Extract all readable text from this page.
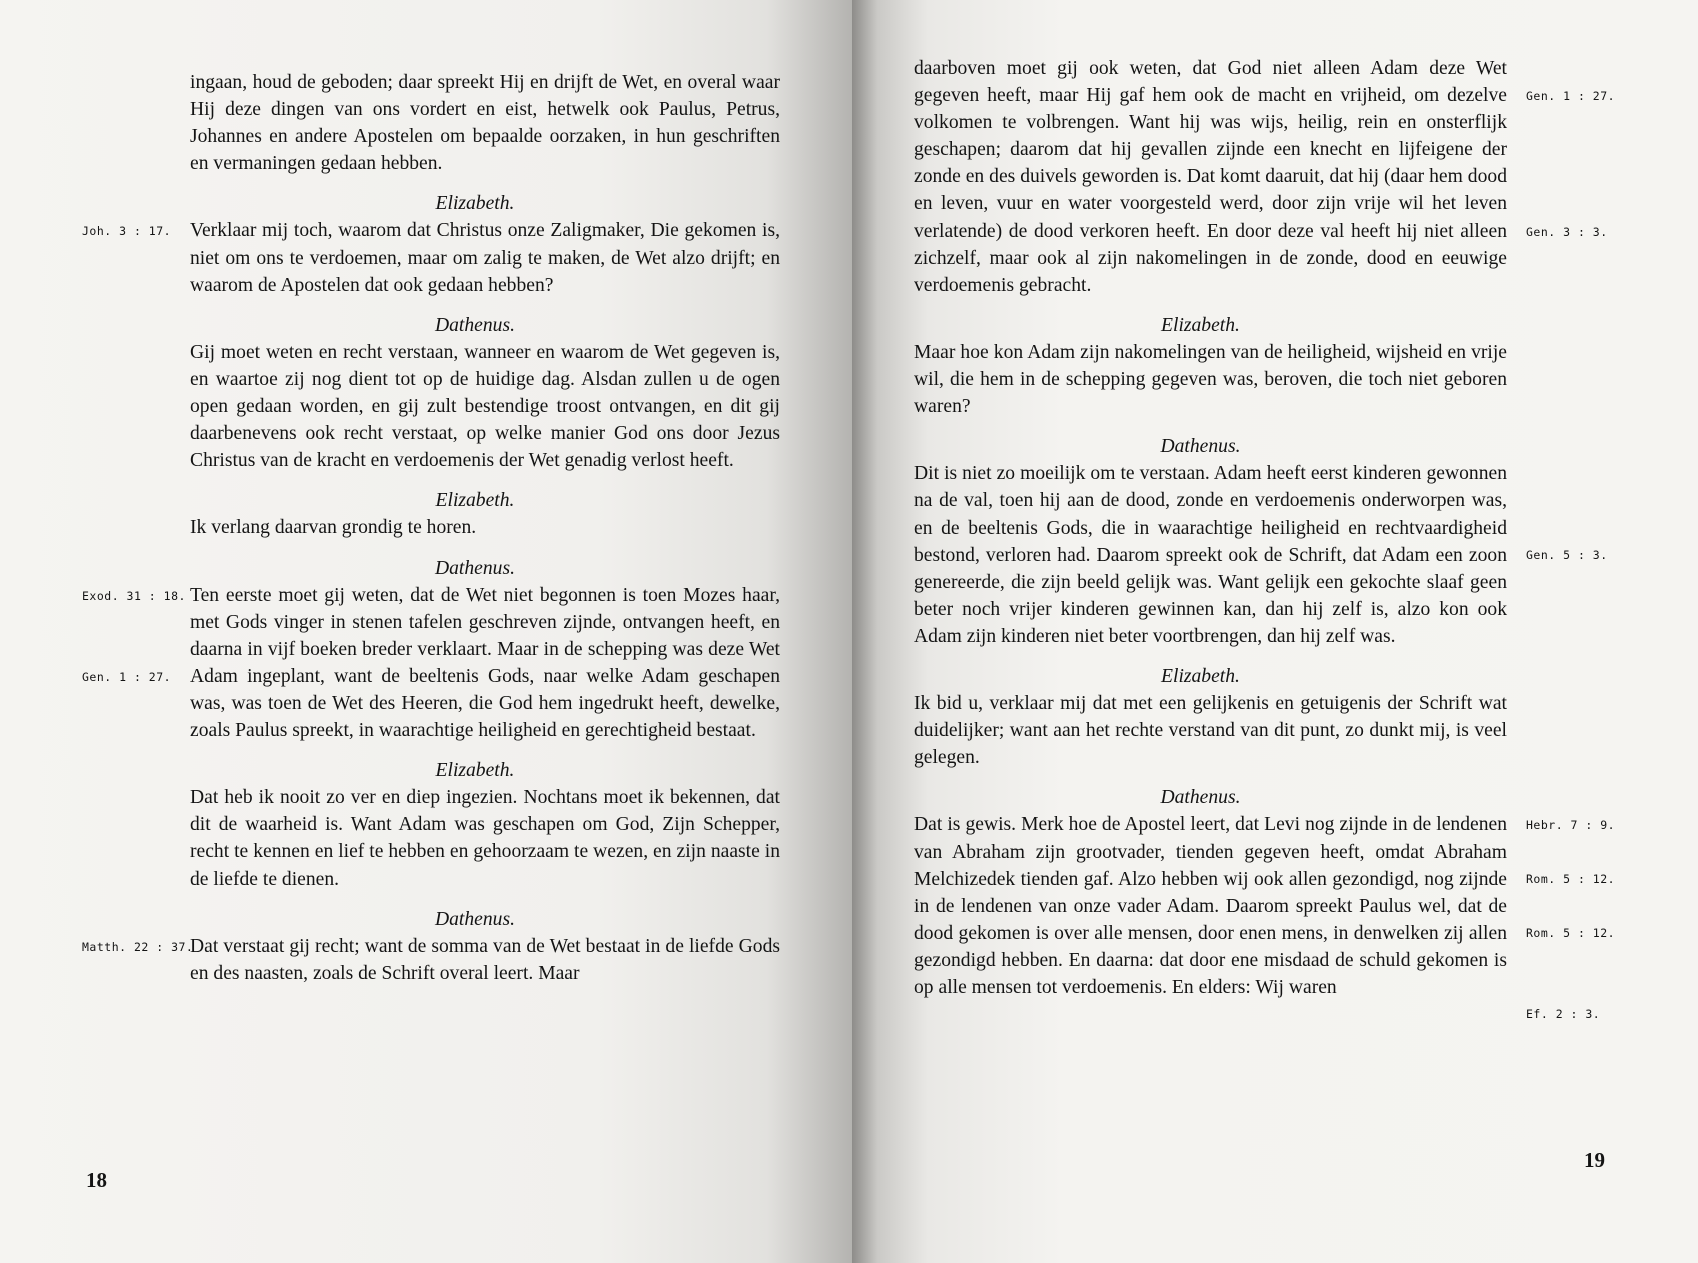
ingaan, houd de geboden; daar spreekt Hij en drijft de Wet, en overal waar Hij deze dingen van ons vordert en eist, hetwelk ook Paulus, Petrus, Johannes en andere Apostelen om bepaalde oorzaken, in hun geschriften en vermaningen gedaan hebben.

Elizabeth.
Joh. 3 : 17. Verklaar mij toch, waarom dat Christus onze Zaligmaker, Die gekomen is, niet om ons te verdoemen, maar om zalig te maken, de Wet alzo drijft; en waarom de Apostelen dat ook gedaan hebben?

Dathenus.

Gij moet weten en recht verstaan, wanneer en waarom de Wet gegeven is, en waartoe zij nog dient tot op de huidige dag. Alsdan zullen u de ogen open gedaan worden, en gij zult bestendige troost ontvangen, en dit gij daarbenevens ook recht verstaat, op welke manier God ons door Jezus Christus van de kracht en verdoemenis der Wet genadig verlost heeft.

Elizabeth.

Ik verlang daarvan grondig te horen.

Dathenus.
Exod. 31 : 18.
Gen. 1 : 27.

Ten eerste moet gij weten, dat de Wet niet begonnen is toen Mozes haar, met Gods vinger in stenen tafelen geschreven zijnde, ontvangen heeft, en daarna in vijf boeken breder verklaart. Maar in de schepping was deze Wet Adam ingeplant, want de beeltenis Gods, naar welke Adam geschapen was, was toen de Wet des Heeren, die God hem ingedrukt heeft, dewelke, zoals Paulus spreekt, in waarachtige heiligheid en gerechtigheid bestaat.

Elizabeth.

Dat heb ik nooit zo ver en diep ingezien. Nochtans moet ik bekennen, dat dit de waarheid is. Want Adam was geschapen om God, Zijn Schepper, recht te kennen en lief te hebben en gehoorzaam te wezen, en zijn naaste in de liefde te dienen.

Dathenus.
Matth. 22 : 37.

Dat verstaat gij recht; want de somma van de Wet bestaat in de liefde Gods en des naasten, zoals de Schrift overal leert. Maar

18
Gen. 1 : 27.
Gen. 3 : 3.

daarboven moet gij ook weten, dat God niet alleen Adam deze Wet gegeven heeft, maar Hij gaf hem ook de macht en vrijheid, om dezelve volkomen te volbrengen. Want hij was wijs, heilig, rein en onsterflijk geschapen; daarom dat hij gevallen zijnde een knecht en lijfeigene der zonde en des duivels geworden is. Dat komt daaruit, dat hij (daar hem dood en leven, vuur en water voorgesteld werd, door zijn vrije wil het leven verlatende) de dood verkoren heeft. En door deze val heeft hij niet alleen zichzelf, maar ook al zijn nakomelingen in de zonde, dood en eeuwige verdoemenis gebracht.

Elizabeth.

Maar hoe kon Adam zijn nakomelingen van de heiligheid, wijsheid en vrije wil, die hem in de schepping gegeven was, beroven, die toch niet geboren waren?

Dathenus.
Gen. 5 : 3.

Dit is niet zo moeilijk om te verstaan. Adam heeft eerst kinderen gewonnen na de val, toen hij aan de dood, zonde en verdoemenis onderworpen was, en de beeltenis Gods, die in waarachtige heiligheid en rechtvaardigheid bestond, verloren had. Daarom spreekt ook de Schrift, dat Adam een zoon genereerde, die zijn beeld gelijk was. Want gelijk een gekochte slaaf geen beter noch vrijer kinderen gewinnen kan, dan hij zelf is, alzo kon ook Adam zijn kinderen niet beter voortbrengen, dan hij zelf was.

Elizabeth.

Ik bid u, verklaar mij dat met een gelijkenis en getuigenis der Schrift wat duidelijker; want aan het rechte verstand van dit punt, zo dunkt mij, is veel gelegen.

Dathenus.
Hebr. 7 : 9.
Rom. 5 : 12.
Rom. 5 : 12.
Ef. 2 : 3.

Dat is gewis. Merk hoe de Apostel leert, dat Levi nog zijnde in de lendenen van Abraham zijn grootvader, tienden gegeven heeft, omdat Abraham Melchizedek tienden gaf. Alzo hebben wij ook allen gezondigd, nog zijnde in de lendenen van onze vader Adam. Daarom spreekt Paulus wel, dat de dood gekomen is over alle mensen, door enen mens, in denwelken zij allen gezondigd hebben. En daarna: dat door ene misdaad de schuld gekomen is op alle mensen tot verdoemenis. En elders: Wij waren

19
